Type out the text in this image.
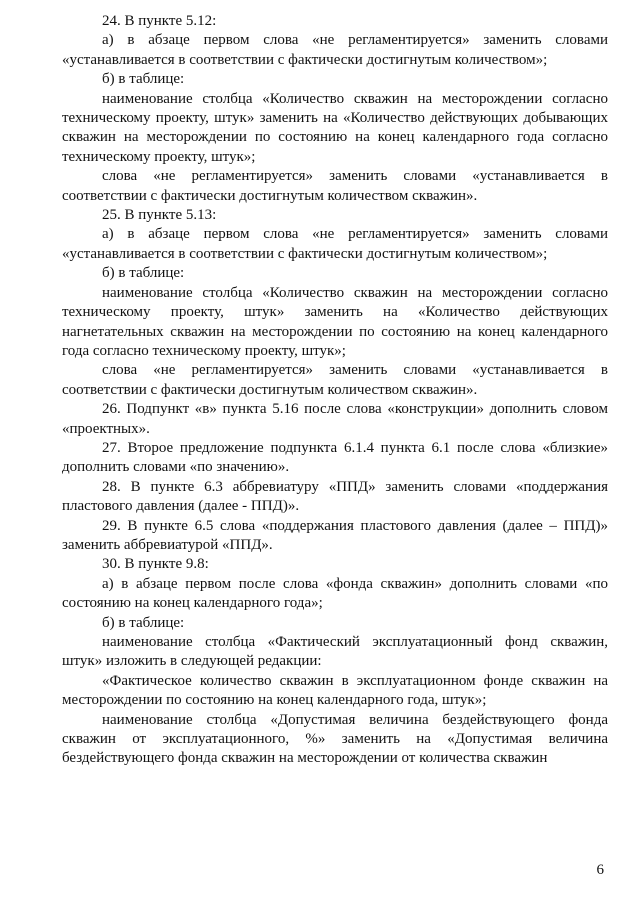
24. В пункте 5.12:

а) в абзаце первом слова «не регламентируется» заменить словами «устанавливается в соответствии с фактически достигнутым количеством»;

б) в таблице:

наименование столбца «Количество скважин на месторождении согласно техническому проекту, штук» заменить на «Количество действующих добывающих скважин на месторождении по состоянию на конец календарного года согласно техническому проекту, штук»;

слова «не регламентируется» заменить словами «устанавливается в соответствии с фактически достигнутым количеством скважин».

25. В пункте 5.13:

а) в абзаце первом слова «не регламентируется» заменить словами «устанавливается в соответствии с фактически достигнутым количеством»;

б) в таблице:

наименование столбца «Количество скважин на месторождении согласно техническому проекту, штук» заменить на «Количество действующих нагнетательных скважин на месторождении по состоянию на конец календарного года согласно техническому проекту, штук»;

слова «не регламентируется» заменить словами «устанавливается в соответствии с фактически достигнутым количеством скважин».

26. Подпункт «в» пункта 5.16 после слова «конструкции» дополнить словом «проектных».

27. Второе предложение подпункта 6.1.4 пункта 6.1 после слова «близкие» дополнить словами «по значению».

28. В пункте 6.3 аббревиатуру «ППД» заменить словами «поддержания пластового давления (далее - ППД)».

29. В пункте 6.5 слова «поддержания пластового давления (далее – ППД)» заменить аббревиатурой «ППД».

30. В пункте 9.8:

а) в абзаце первом после слова «фонда скважин» дополнить словами «по состоянию на конец календарного года»;

б) в таблице:

наименование столбца «Фактический эксплуатационный фонд скважин, штук» изложить в следующей редакции:

«Фактическое количество скважин в эксплуатационном фонде скважин на месторождении по состоянию на конец календарного года, штук»;

наименование столбца «Допустимая величина бездействующего фонда скважин от эксплуатационного, %» заменить на «Допустимая величина бездействующего фонда скважин на месторождении от количества скважин

6
